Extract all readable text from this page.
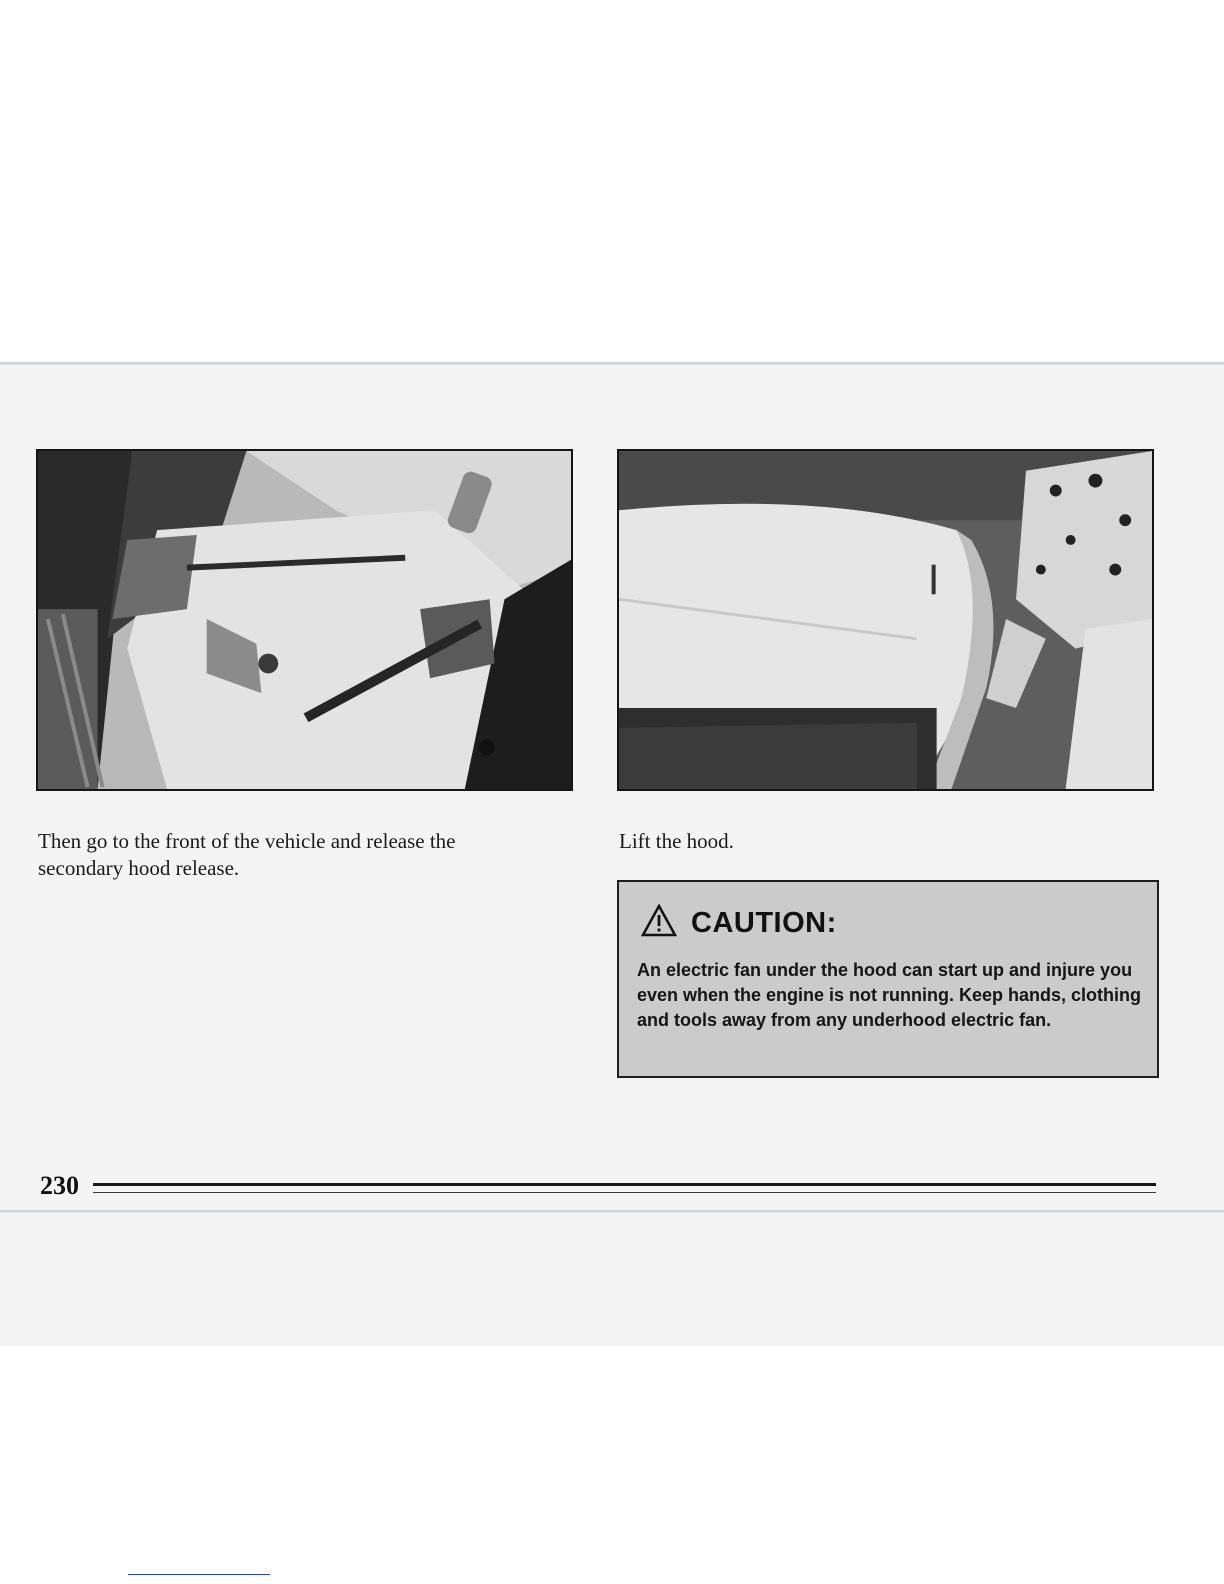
Then go to the front of the vehicle and release the secondary hood release.
Lift the hood.
CAUTION:
An electric fan under the hood can start up and injure you even when the engine is not running. Keep hands, clothing and tools away from any underhood electric fan.
230
